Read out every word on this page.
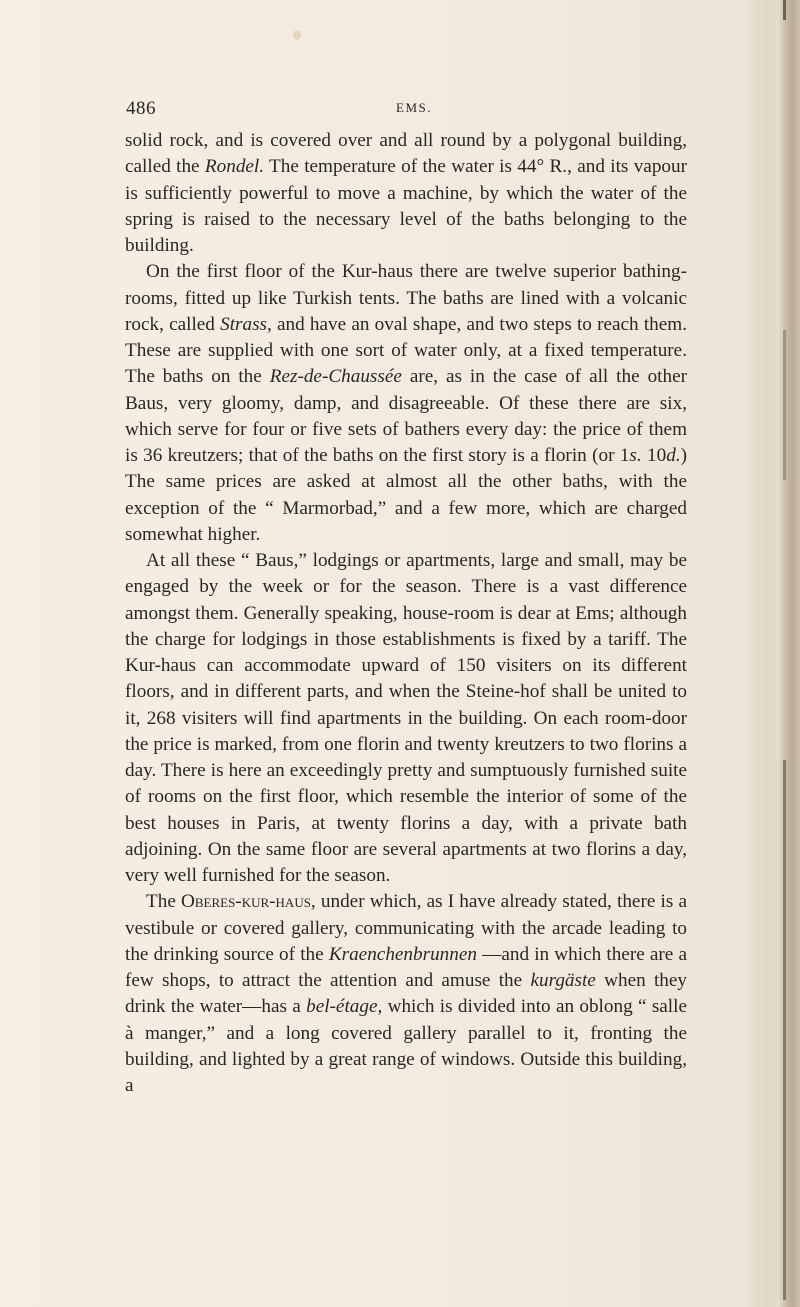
486	EMS.

solid rock, and is covered over and all round by a polygonal building, called the Rondel. The temperature of the water is 44° R., and its vapour is sufficiently powerful to move a machine, by which the water of the spring is raised to the necessary level of the baths belonging to the building.

On the first floor of the Kur-haus there are twelve superior bathing-rooms, fitted up like Turkish tents. The baths are lined with a volcanic rock, called Strass, and have an oval shape, and two steps to reach them. These are supplied with one sort of water only, at a fixed temperature. The baths on the Rez-de-Chaussée are, as in the case of all the other Baus, very gloomy, damp, and disagreeable. Of these there are six, which serve for four or five sets of bathers every day: the price of them is 36 kreutzers; that of the baths on the first story is a florin (or 1s. 10d.) The same prices are asked at almost all the other baths, with the exception of the “ Marmorbad,” and a few more, which are charged somewhat higher.

At all these “ Baus,” lodgings or apartments, large and small, may be engaged by the week or for the season. There is a vast difference amongst them. Generally speaking, house-room is dear at Ems; although the charge for lodgings in those establishments is fixed by a tariff. The Kur-haus can accommodate upward of 150 visiters on its different floors, and in different parts, and when the Steine-hof shall be united to it, 268 visiters will find apartments in the building. On each room-door the price is marked, from one florin and twenty kreutzers to two florins a day. There is here an exceedingly pretty and sumptuously furnished suite of rooms on the first floor, which resemble the interior of some of the best houses in Paris, at twenty florins a day, with a private bath adjoining. On the same floor are several apartments at two florins a day, very well furnished for the season.

The Oberes-kur-haus, under which, as I have already stated, there is a vestibule or covered gallery, communicating with the arcade leading to the drinking source of the Kraenchenbrunnen —and in which there are a few shops, to attract the attention and amuse the kurgäste when they drink the water—has a bel-étage, which is divided into an oblong “ salle à manger,” and a long covered gallery parallel to it, fronting the building, and lighted by a great range of windows. Outside this building, a
